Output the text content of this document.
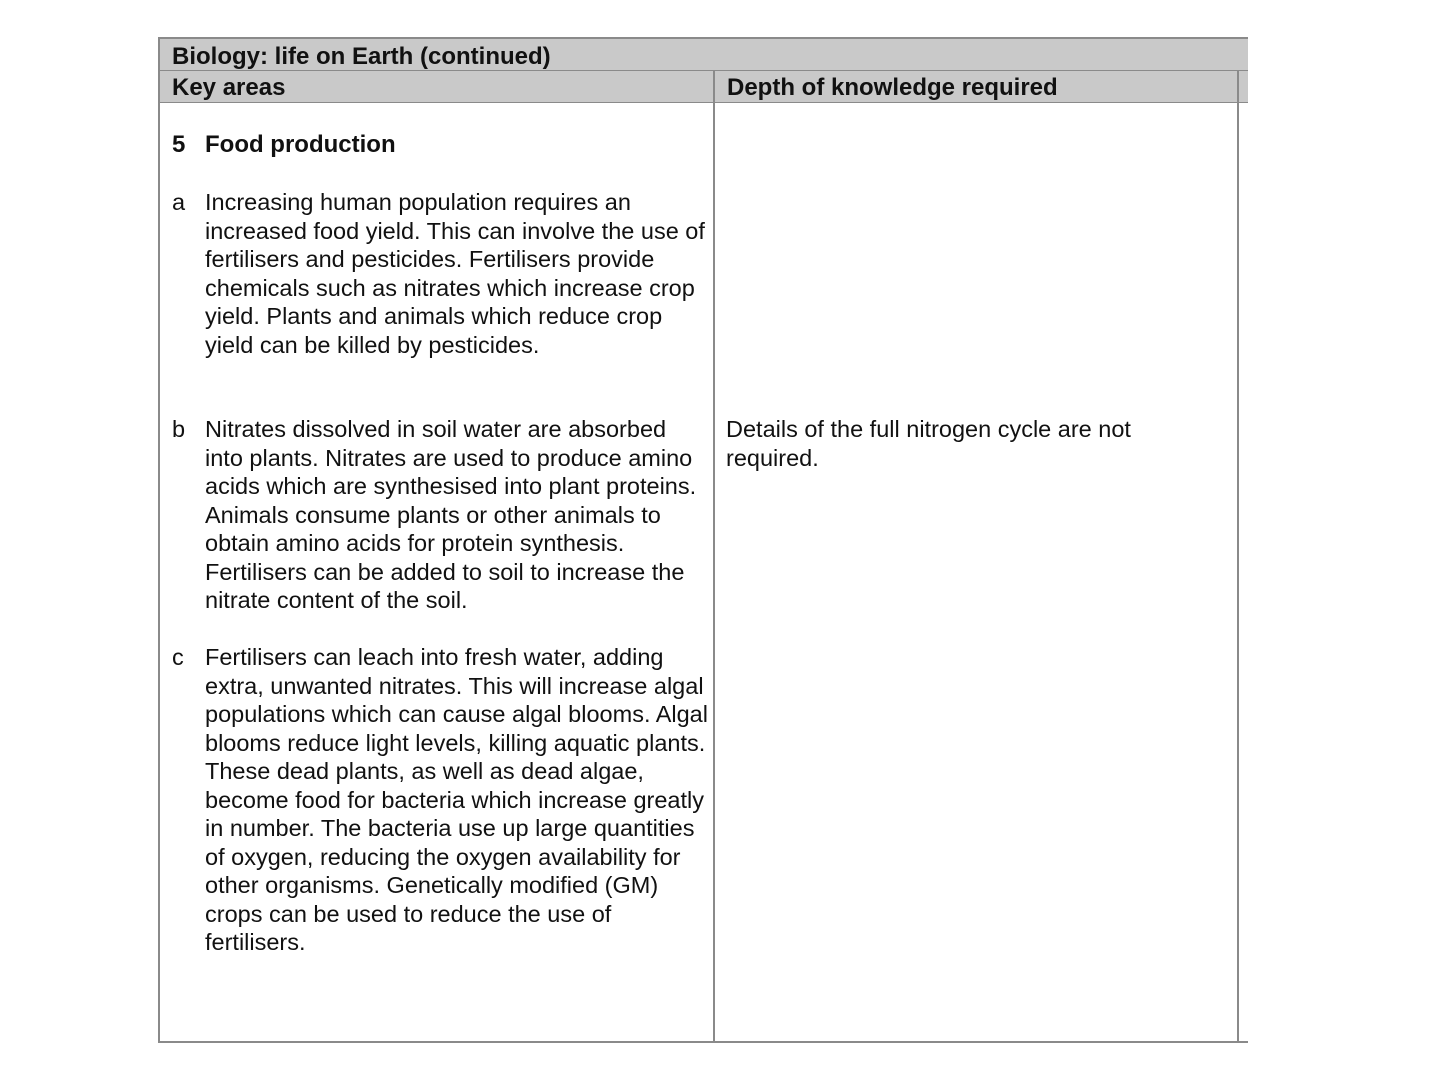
Biology: life on Earth (continued)
Key areas	Depth of knowledge required
5 Food production
a Increasing human population requires an increased food yield. This can involve the use of fertilisers and pesticides. Fertilisers provide chemicals such as nitrates which increase crop yield. Plants and animals which reduce crop yield can be killed by pesticides.
b Nitrates dissolved in soil water are absorbed into plants. Nitrates are used to produce amino acids which are synthesised into plant proteins. Animals consume plants or other animals to obtain amino acids for protein synthesis. Fertilisers can be added to soil to increase the nitrate content of the soil.
c Fertilisers can leach into fresh water, adding extra, unwanted nitrates. This will increase algal populations which can cause algal blooms. Algal blooms reduce light levels, killing aquatic plants. These dead plants, as well as dead algae, become food for bacteria which increase greatly in number. The bacteria use up large quantities of oxygen, reducing the oxygen availability for other organisms. Genetically modified (GM) crops can be used to reduce the use of fertilisers.
Details of the full nitrogen cycle are not required.
